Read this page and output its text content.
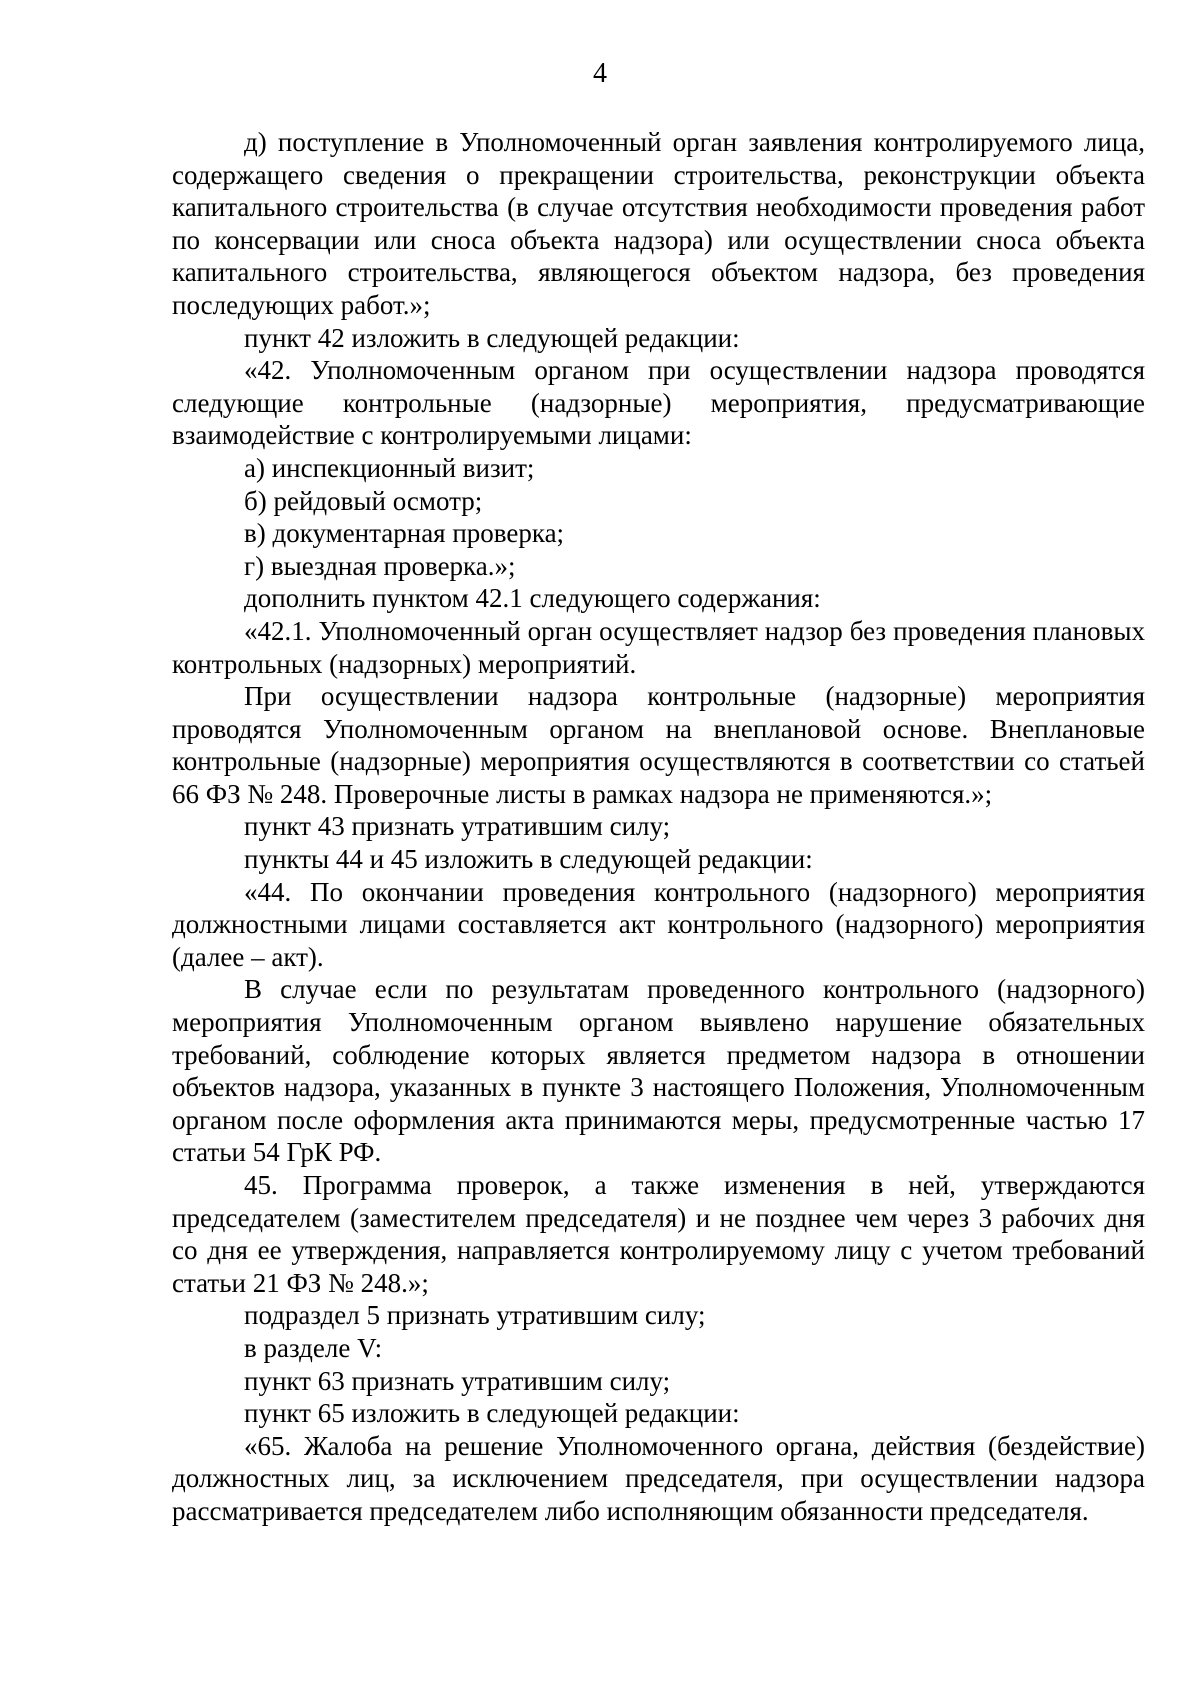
4

д) поступление в Уполномоченный орган заявления контролируемого лица, содержащего сведения о прекращении строительства, реконструкции объекта капитального строительства (в случае отсутствия необходимости проведения работ по консервации или сноса объекта надзора) или осуществлении сноса объекта капитального строительства, являющегося объектом надзора, без проведения последующих работ.»;

пункт 42 изложить в следующей редакции:

«42. Уполномоченным органом при осуществлении надзора проводятся следующие контрольные (надзорные) мероприятия, предусматривающие взаимодействие с контролируемыми лицами:

а) инспекционный визит;

б) рейдовый осмотр;

в) документарная проверка;

г) выездная проверка.»;

дополнить пунктом 42.1 следующего содержания:

«42.1. Уполномоченный орган осуществляет надзор без проведения плановых контрольных (надзорных) мероприятий.

При осуществлении надзора контрольные (надзорные) мероприятия проводятся Уполномоченным органом на внеплановой основе. Внеплановые контрольные (надзорные) мероприятия осуществляются в соответствии со статьей 66 ФЗ № 248. Проверочные листы в рамках надзора не применяются.»;

пункт 43 признать утратившим силу;

пункты 44 и 45 изложить в следующей редакции:

«44. По окончании проведения контрольного (надзорного) мероприятия должностными лицами составляется акт контрольного (надзорного) мероприятия (далее – акт).

В случае если по результатам проведенного контрольного (надзорного) мероприятия Уполномоченным органом выявлено нарушение обязательных требований, соблюдение которых является предметом надзора в отношении объектов надзора, указанных в пункте 3 настоящего Положения, Уполномоченным органом после оформления акта принимаются меры, предусмотренные частью 17 статьи 54 ГрК РФ.

45. Программа проверок, а также изменения в ней, утверждаются председателем (заместителем председателя) и не позднее чем через 3 рабочих дня со дня ее утверждения, направляется контролируемому лицу с учетом требований статьи 21 ФЗ № 248.»;

подраздел 5 признать утратившим силу;

в разделе V:

пункт 63 признать утратившим силу;

пункт 65 изложить в следующей редакции:

«65. Жалоба на решение Уполномоченного органа, действия (бездействие) должностных лиц, за исключением председателя, при осуществлении надзора рассматривается председателем либо исполняющим обязанности председателя.
